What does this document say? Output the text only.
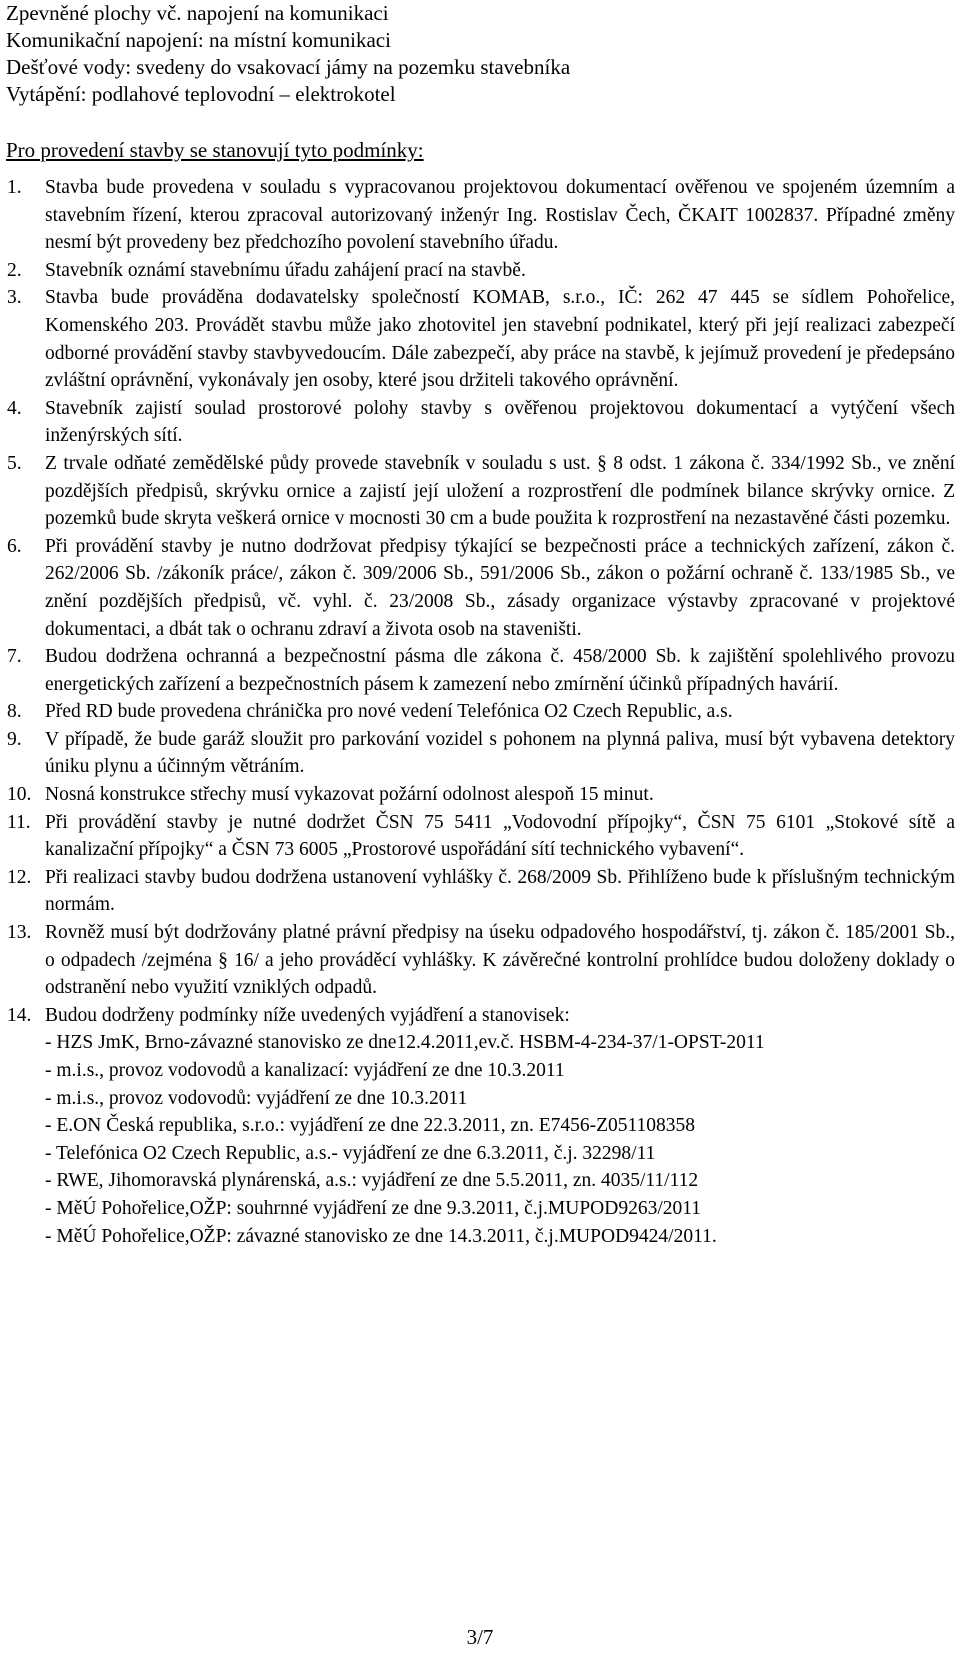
Zpevněné plochy vč. napojení na komunikaci
Komunikační napojení: na místní komunikaci
Dešťové vody: svedeny do vsakovací jámy na pozemku stavebníka
Vytápění: podlahové teplovodní – elektrokotel
Pro provedení stavby se stanovují tyto podmínky:
1. Stavba bude provedena v souladu s vypracovanou projektovou dokumentací ověřenou ve spojeném územním a stavebním řízení, kterou zpracoval autorizovaný inženýr Ing. Rostislav Čech, ČKAIT 1002837. Případné změny nesmí být provedeny bez předchozího povolení stavebního úřadu.
2. Stavebník oznámí stavebnímu úřadu zahájení prací na stavbě.
3. Stavba bude prováděna dodavatelsky společností KOMAB, s.r.o., IČ: 262 47 445 se sídlem Pohořelice, Komenského 203. Provádět stavbu může jako zhotovitel jen stavební podnikatel, který při její realizaci zabezpečí odborné provádění stavby stavbyvedoucím. Dále zabezpečí, aby práce na stavbě, k jejímuž provedení je předepsáno zvláštní oprávnění, vykonávaly jen osoby, které jsou držiteli takového oprávnění.
4. Stavebník zajistí soulad prostorové polohy stavby s ověřenou projektovou dokumentací a vytýčení všech inženýrských sítí.
5. Z trvale odňaté zemědělské půdy provede stavebník v souladu s ust. § 8 odst. 1 zákona č. 334/1992 Sb., ve znění pozdějších předpisů, skrývku ornice a zajistí její uložení a rozprostření dle podmínek bilance skrývky ornice. Z pozemků bude skryta veškerá ornice v mocnosti 30 cm a bude použita k rozprostření na nezastavěné části pozemku.
6. Při provádění stavby je nutno dodržovat předpisy týkající se bezpečnosti práce a technických zařízení, zákon č. 262/2006 Sb. /zákoník práce/, zákon č. 309/2006 Sb., 591/2006 Sb., zákon o požární ochraně č. 133/1985 Sb., ve znění pozdějších předpisů, vč. vyhl. č. 23/2008 Sb., zásady organizace výstavby zpracované v projektové dokumentaci, a dbát tak o ochranu zdraví a života osob na staveništi.
7. Budou dodržena ochranná a bezpečnostní pásma dle zákona č. 458/2000 Sb. k zajištění spolehlivého provozu energetických zařízení a bezpečnostních pásem k zamezení nebo zmírnění účinků případných havárií.
8. Před RD bude provedena chránička pro nové vedení Telefónica O2 Czech Republic, a.s.
9. V případě, že bude garáž sloužit pro parkování vozidel s pohonem na plynná paliva, musí být vybavena detektory úniku plynu a účinným větráním.
10. Nosná konstrukce střechy musí vykazovat požární odolnost alespoň 15 minut.
11. Při provádění stavby je nutné dodržet ČSN 75 5411 „Vodovodní přípojky“, ČSN 75 6101 „Stokové sítě a kanalizační přípojky“ a ČSN 73 6005 „Prostorové uspořádání sítí technického vybavení“.
12. Při realizaci stavby budou dodržena ustanovení vyhlášky č. 268/2009 Sb. Přihlíženo bude k příslušným technickým normám.
13. Rovněž musí být dodržovány platné právní předpisy na úseku odpadového hospodářství, tj. zákon č. 185/2001 Sb., o odpadech /zejména § 16/ a jeho prováděcí vyhlášky. K závěrečné kontrolní prohlídce budou doloženy doklady o odstranění nebo využití vzniklých odpadů.
14. Budou dodrženy podmínky níže uvedených vyjádření a stanovisek:
- HZS JmK, Brno-závazné stanovisko ze dne12.4.2011,ev.č. HSBM-4-234-37/1-OPST-2011
- m.i.s., provoz vodovodů a kanalizací: vyjádření ze dne 10.3.2011
- m.i.s., provoz vodovodů: vyjádření ze dne 10.3.2011
- E.ON Česká republika, s.r.o.: vyjádření ze dne 22.3.2011, zn. E7456-Z051108358
- Telefónica O2 Czech Republic, a.s.- vyjádření ze dne 6.3.2011, č.j. 32298/11
- RWE, Jihomoravská plynárenská, a.s.: vyjádření ze dne 5.5.2011, zn. 4035/11/112
- MěÚ Pohořelice,OŽP: souhrnné vyjádření ze dne 9.3.2011, č.j.MUPOD9263/2011
- MěÚ Pohořelice,OŽP: závazné stanovisko ze dne 14.3.2011, č.j.MUPOD9424/2011.
3/7
